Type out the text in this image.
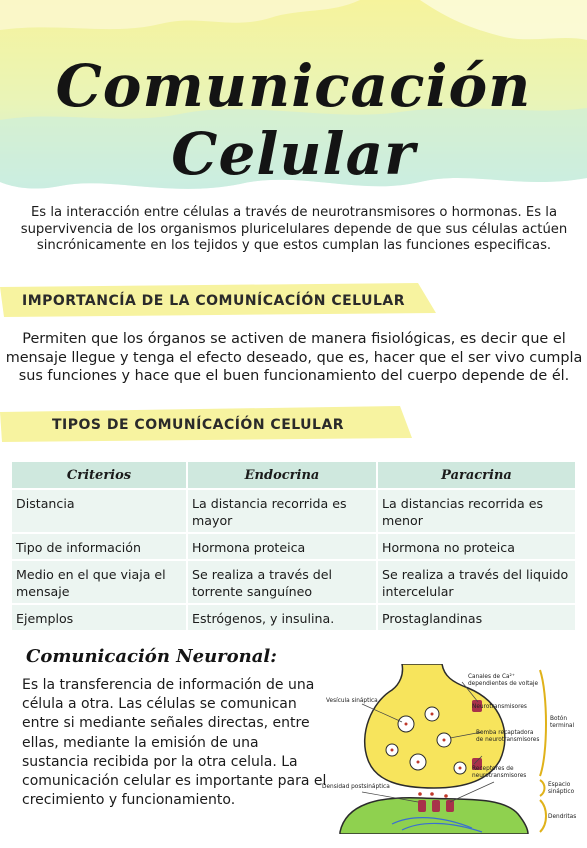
Comunicación Celular
Es la interacción entre células a través de neurotransmisores o hormonas. Es la supervivencia de los organismos pluricelulares depende de que sus células actúen sincrónicamente en los tejidos y que estos cumplan las funciones especificas.
IMPORTANCÍA DE LA COMUNÍCACÍÓN CELULAR
Permiten que los órganos se activen de manera fisiológicas, es decir que el mensaje llegue y tenga el efecto deseado, que es, hacer que el ser vivo cumpla sus funciones y hace que el buen funcionamiento del cuerpo depende de él.
TIPOS DE COMUNÍCACÍÓN CELULAR
Criterios	Endocrina	Paracrina
Distancia	La distancia recorrida es mayor	La distancias recorrida es menor
Tipo de información	Hormona proteica	Hormona no proteica
Medio en el que viaja el mensaje	Se realiza a través del torrente sanguíneo	Se realiza a través del liquido intercelular
Ejemplos	Estrógenos, y insulina.	Prostaglandinas
Comunicación Neuronal:
Es la transferencia de información de una célula a otra. Las células se comunican entre si mediante señales directas, entre ellas, mediante la emisión de una sustancia recibida por la otra celula. La comunicación celular es importante para el crecimiento y funcionamiento.
Canales de Ca²⁺
dependientes de voltaje
Vesícula sináptica
Neurotransmisores
Bomba recaptadora
de neurotransmisores
Receptores de
neurotransmisores
Densidad postsináptica
Botón
terminal
Espacio
sináptico
Dendritas
